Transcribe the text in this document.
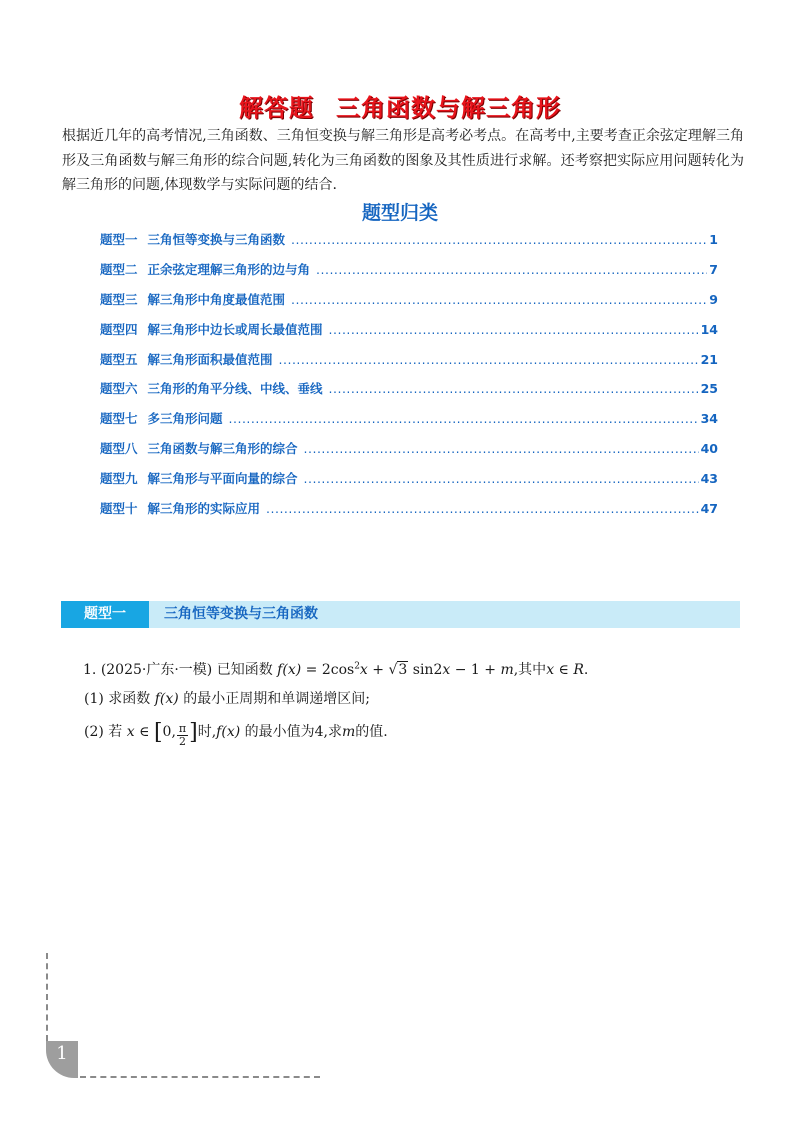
解答题 三角函数与解三角形
根据近几年的高考情况,三角函数、三角恒变换与解三角形是高考必考点。在高考中,主要考查正余弦定理解三角形及三角函数与解三角形的综合问题,转化为三角函数的图象及其性质进行求解。还考察把实际应用问题转化为解三角形的问题,体现数学与实际问题的结合.
题型归类
题型一 三角恒等变换与三角函数 .....	1
题型二 正余弦定理解三角形的边与角 .....	7
题型三 解三角形中角度最值范围 .....	9
题型四 解三角形中边长或周长最值范围 .....	14
题型五 解三角形面积最值范围 .....	21
题型六 三角形的角平分线、中线、垂线 .....	25
题型七 多三角形问题 .....	34
题型八 三角函数与解三角形的综合 .....	40
题型九 解三角形与平面向量的综合 .....	43
题型十 解三角形的实际应用 .....	47
题型一	三角恒等变换与三角函数
1. (2025·广东·一模) 已知函数 $f(x) = 2\cos^2x + √3$ sin2x − 1 + m,其中x ∈ R.
(1) 求函数 f(x) 的最小正周期和单调递增区间;
(2) 若 x ∈ [0, $\frac{\pi}{2}$ ]时,f(x) 的最小值为4,求m的值.
1
